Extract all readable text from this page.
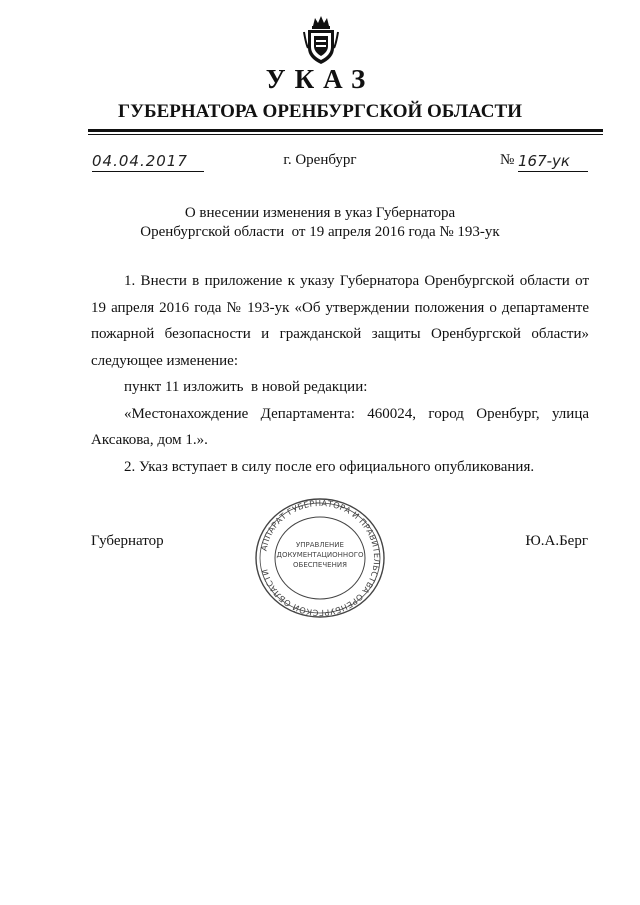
УКАЗ
ГУБЕРНАТОРА ОРЕНБУРГСКОЙ ОБЛАСТИ
04.04.2017	г. Оренбург	№ 167-ук
О внесении изменения в указ Губернатора
Оренбургской области  от 19 апреля 2016 года № 193-ук

1. Внести в приложение к указу Губернатора Оренбургской области от 19 апреля 2016 года № 193-ук «Об утверждении положения о департаменте пожарной безопасности и гражданской защиты Оренбургской области» следующее изменение:

пункт 11 изложить  в новой редакции:

«Местонахождение Департамента: 460024, город Оренбург, улица Аксакова, дом 1.».

2. Указ вступает в силу после его официального опубликования.

Губернатор	Ю.А.Берг
АППАРАТ ГУБЕРНАТОРА И ПРАВИТЕЛЬСТВА ОРЕНБУРГСКОЙ ОБЛАСТИ
УПРАВЛЕНИЕ
ДОКУМЕНТАЦИОННОГО
ОБЕСПЕЧЕНИЯ
